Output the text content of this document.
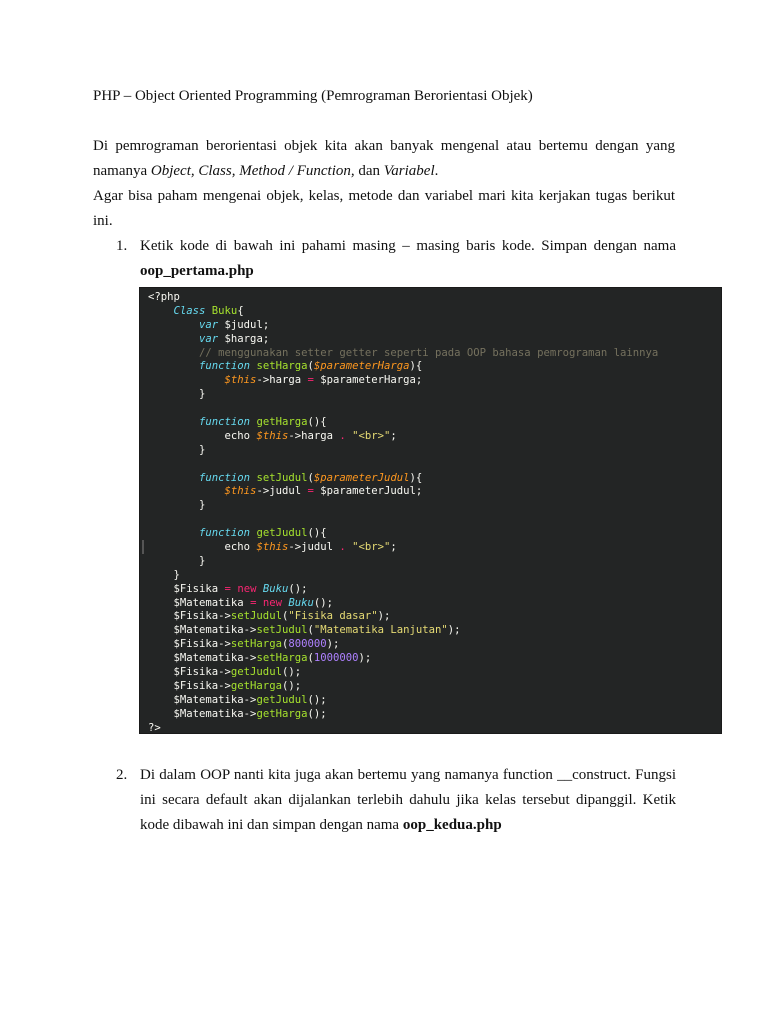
PHP – Object Oriented Programming (Pemrograman Berorientasi Objek)
Di pemrograman berorientasi objek kita akan banyak mengenal atau bertemu dengan yang namanya Object, Class, Method / Function, dan Variabel.
Agar bisa paham mengenai objek, kelas, metode dan variabel mari kita kerjakan tugas berikut ini.
1. Ketik kode di bawah ini pahami masing – masing baris kode. Simpan dengan nama oop_pertama.php
<?php
Class Buku{
var $judul;
var $harga;
// menggunakan setter getter seperti pada OOP bahasa pemrograman lainnya
function setHarga($parameterHarga){
$this->harga = $parameterHarga;
}
function getHarga(){
echo $this->harga . "<br>";
}
function setJudul($parameterJudul){
$this->judul = $parameterJudul;
}
function getJudul(){
echo $this->judul . "<br>";
}
}
$Fisika = new Buku();
$Matematika = new Buku();
$Fisika->setJudul("Fisika dasar");
$Matematika->setJudul("Matematika Lanjutan");
$Fisika->setHarga(800000);
$Matematika->setHarga(1000000);
$Fisika->getJudul();
$Fisika->getHarga();
$Matematika->getJudul();
$Matematika->getHarga();
?>
2. Di dalam OOP nanti kita juga akan bertemu yang namanya function __construct. Fungsi ini secara default akan dijalankan terlebih dahulu jika kelas tersebut dipanggil. Ketik kode dibawah ini dan simpan dengan nama oop_kedua.php
